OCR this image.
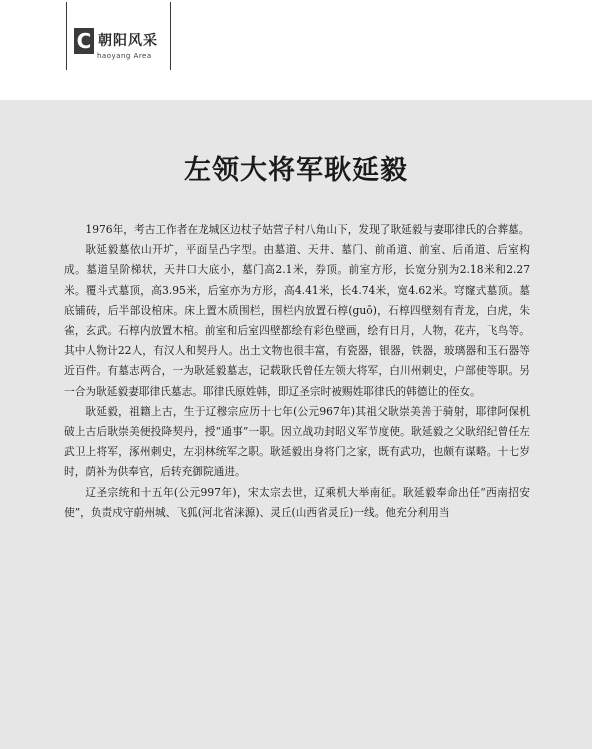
C 朝阳风采
haoyang Area
左领大将军耿延毅

1976年，考古工作者在龙城区边杖子姑营子村八角山下，发现了耿延毅与妻耶律氏的合葬墓。

耿延毅墓依山开圹，平面呈凸字型。由墓道、天井、墓门、前甬道、前室、后甬道、后室构成。墓道呈阶梯状，天井口大底小，墓门高2.1米，券顶。前室方形，长宽分别为2.18米和2.27米。覆斗式墓顶，高3.95米，后室亦为方形，高4.41米，长4.74米，宽4.62米。穹窿式墓顶。墓底铺砖，后半部设棺床。床上置木质围栏，围栏内放置石椁(guō)，石椁四壁刻有青龙，白虎，朱雀，玄武。石椁内放置木棺。前室和后室四壁都绘有彩色壁画，绘有日月，人物，花卉，飞鸟等。其中人物计22人，有汉人和契丹人。出土文物也很丰富，有瓷器，银器，铁器，玻璃器和玉石器等近百件。有墓志两合，一为耿延毅墓志，记载耿氏曾任左领大将军，白川州刺史，户部使等职。另一合为耿延毅妻耶律氏墓志。耶律氏原姓韩，即辽圣宗时被赐姓耶律氏的韩德让的侄女。

耿延毅，祖籍上古，生于辽穆宗应历十七年(公元967年)其祖父耿崇美善于骑射，耶律阿保机破上古后耿崇美便投降契丹，授“通事”一职。因立战功封昭义军节度使。耿延毅之父耿绍纪曾任左武卫上将军，涿州刺史，左羽林统军之职。耿延毅出身将门之家，既有武功，也颇有谋略。十七岁时，荫补为供奉官，后转充御院通进。

辽圣宗统和十五年(公元997年)，宋太宗去世，辽乘机大举南征。耿延毅奉命出任“西南招安使”，负责戍守蔚州城、飞狐(河北省涞源)、灵丘(山西省灵丘)一线。他充分利用当
